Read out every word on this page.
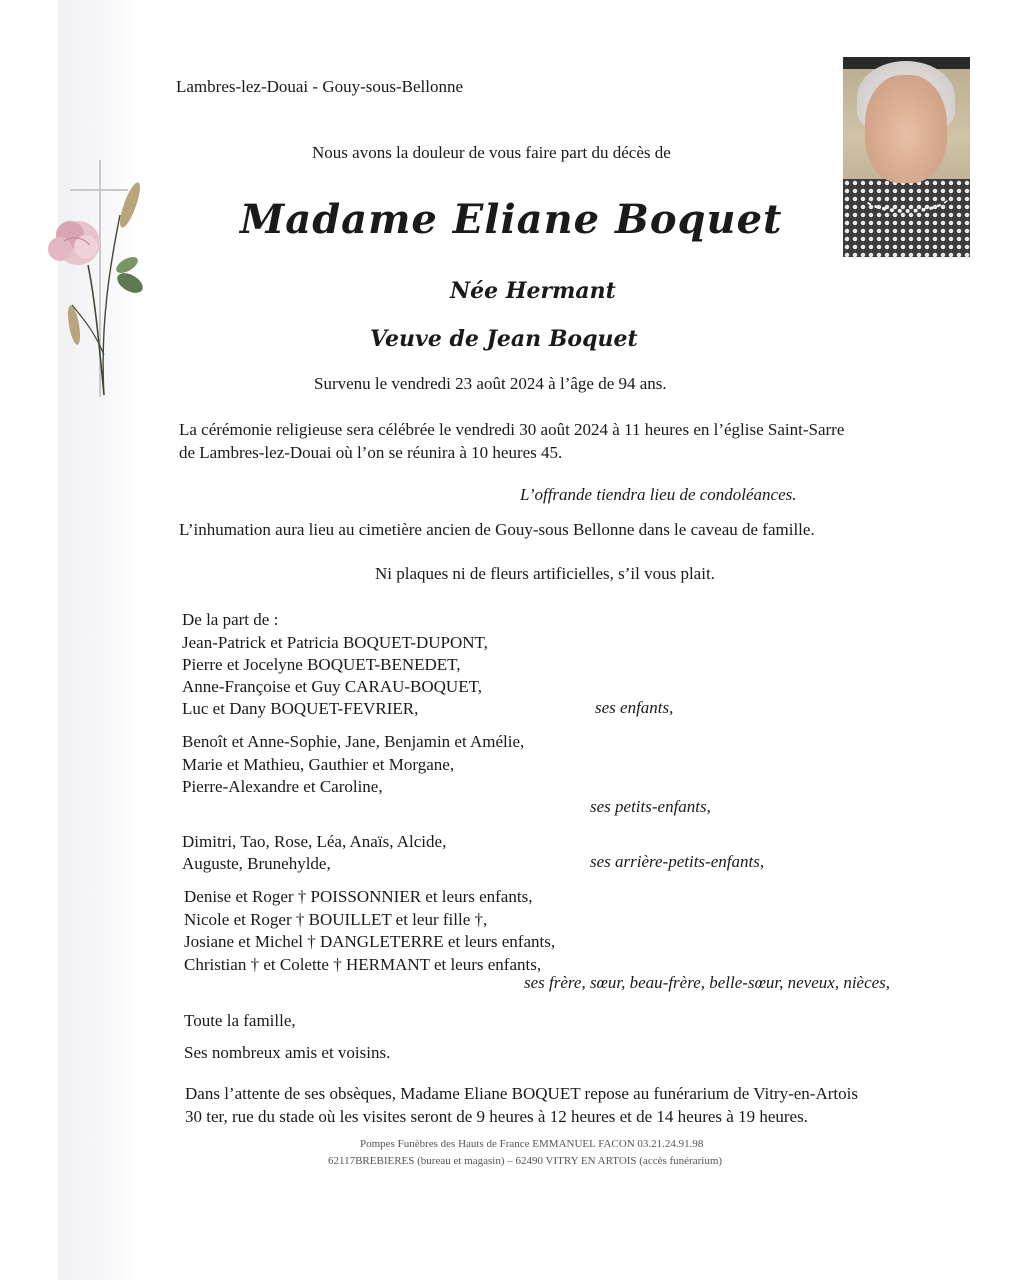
Lambres-lez-Douai - Gouy-sous-Bellonne
Nous avons la douleur de vous faire part du décès de
Madame Eliane Boquet
Née Hermant
Veuve de Jean Boquet
Survenu le vendredi 23 août 2024 à l’âge de 94 ans.
La cérémonie religieuse sera célébrée le vendredi 30 août 2024 à 11 heures en l’église Saint-Sarre
de Lambres-lez-Douai où l’on se réunira à 10 heures 45.
L’offrande tiendra lieu de condoléances.
L’inhumation aura lieu au cimetière ancien de Gouy-sous Bellonne dans le caveau de famille.
Ni plaques ni de fleurs artificielles, s’il vous plait.
De la part de :
Jean-Patrick et Patricia BOQUET-DUPONT,
Pierre et Jocelyne BOQUET-BENEDET,
Anne-Françoise et Guy CARAU-BOQUET,
Luc et Dany BOQUET-FEVRIER,	ses enfants,
Benoît et Anne-Sophie, Jane, Benjamin et Amélie,
Marie et Mathieu, Gauthier et Morgane,
Pierre-Alexandre et Caroline,
ses petits-enfants,
Dimitri, Tao, Rose, Léa, Anaïs, Alcide,
Auguste, Brunehylde,	ses arrière-petits-enfants,
Denise et Roger † POISSONNIER et leurs enfants,
Nicole et Roger † BOUILLET et leur fille †,
Josiane et Michel † DANGLETERRE et leurs enfants,
Christian † et Colette † HERMANT et leurs enfants,
ses frère, sœur, beau-frère, belle-sœur, neveux, nièces,
Toute la famille,
Ses nombreux amis et voisins.
Dans l’attente de ses obsèques, Madame Eliane BOQUET repose au funérarium de Vitry-en-Artois
30 ter, rue du stade où les visites seront de 9 heures à 12 heures et de 14 heures à 19 heures.
Pompes Funèbres des Hauts de France EMMANUEL FACON 03.21.24.91.98
62117BREBIERES (bureau et magasin) – 62490 VITRY EN ARTOIS (accès funérarium)
